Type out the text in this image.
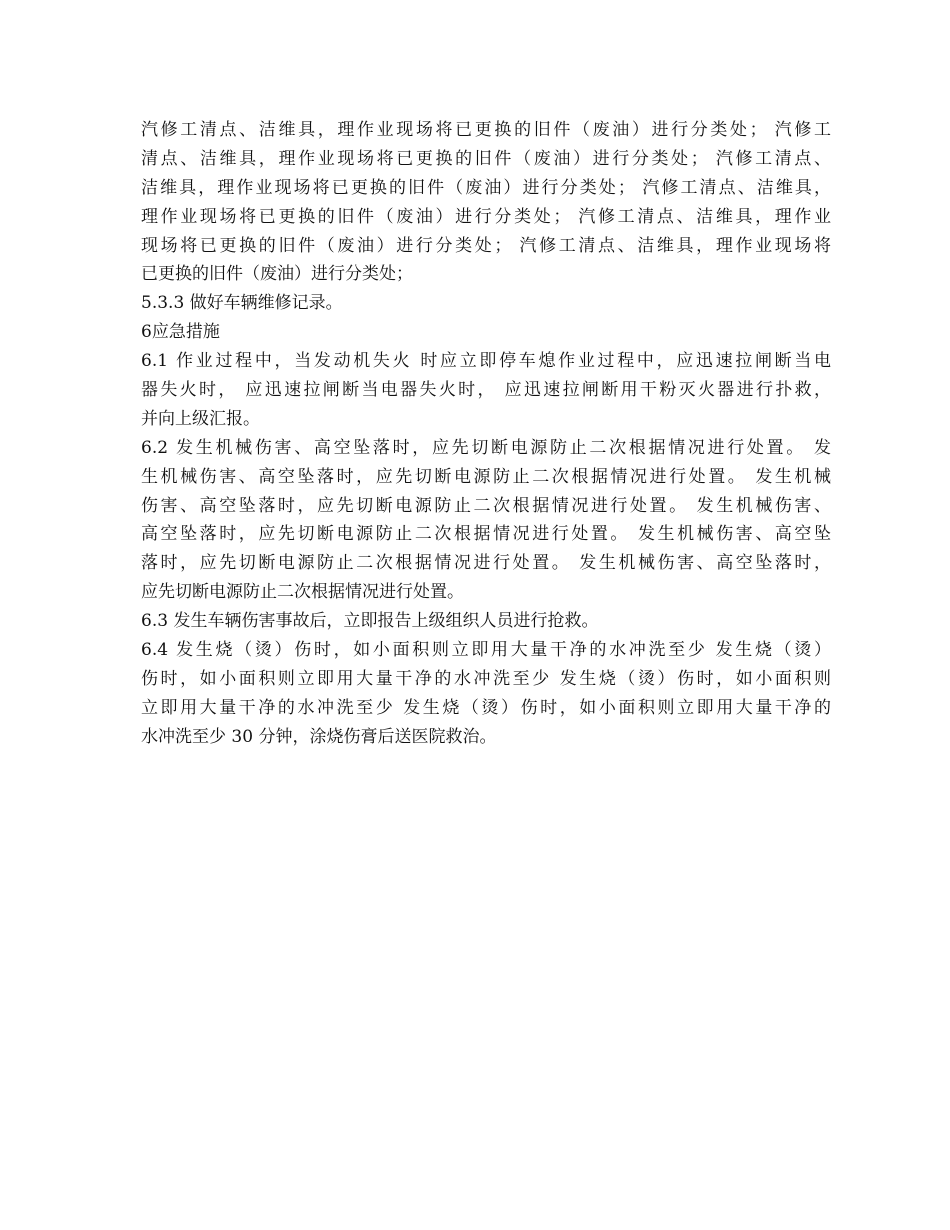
汽修工清点、洁维具，理作业现场将已更换的旧件（废油）进行分类处； 汽修工
清点、洁维具，理作业现场将已更换的旧件（废油）进行分类处； 汽修工清点、
洁维具，理作业现场将已更换的旧件（废油）进行分类处； 汽修工清点、洁维具，
理作业现场将已更换的旧件（废油）进行分类处； 汽修工清点、洁维具，理作业
现场将已更换的旧件（废油）进行分类处； 汽修工清点、洁维具，理作业现场将
已更换的旧件（废油）进行分类处；
5.3.3 做好车辆维修记录。
6应急措施
6.1 作业过程中，当发动机失火 时应立即停车熄作业过程中，应迅速拉闸断当电
器失火时， 应迅速拉闸断当电器失火时， 应迅速拉闸断用干粉灭火器进行扑救，
并向上级汇报。
6.2 发生机械伤害、高空坠落时，应先切断电源防止二次根据情况进行处置。 发
生机械伤害、高空坠落时，应先切断电源防止二次根据情况进行处置。 发生机械
伤害、高空坠落时，应先切断电源防止二次根据情况进行处置。 发生机械伤害、
高空坠落时，应先切断电源防止二次根据情况进行处置。 发生机械伤害、高空坠
落时，应先切断电源防止二次根据情况进行处置。 发生机械伤害、高空坠落时，
应先切断电源防止二次根据情况进行处置。
6.3 发生车辆伤害事故后，立即报告上级组织人员进行抢救。
6.4 发生烧（烫）伤时，如小面积则立即用大量干净的水冲洗至少 发生烧（烫）
伤时，如小面积则立即用大量干净的水冲洗至少 发生烧（烫）伤时，如小面积则
立即用大量干净的水冲洗至少 发生烧（烫）伤时，如小面积则立即用大量干净的
水冲洗至少 30 分钟，涂烧伤膏后送医院救治。
